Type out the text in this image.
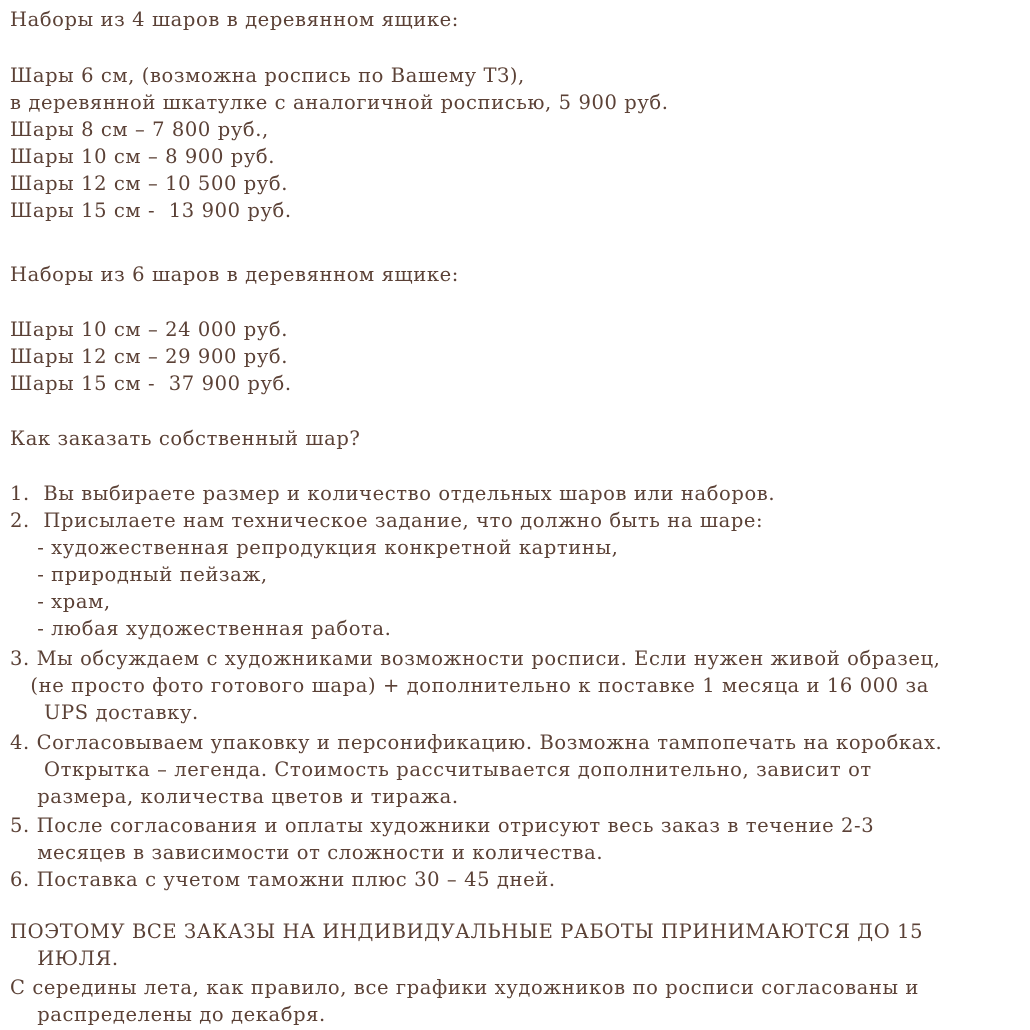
Наборы из 4 шаров в деревянном ящике:
Шары 6 см, (возможна роспись по Вашему ТЗ),
в деревянной шкатулке с аналогичной росписью, 5 900 руб.
Шары 8 см – 7 800 руб.,
Шары 10 см – 8 900 руб.
Шары 12 см – 10 500 руб.
Шары 15 см -  13 900 руб.
Наборы из 6 шаров в деревянном ящике:
Шары 10 см – 24 000 руб.
Шары 12 см – 29 900 руб.
Шары 15 см -  37 900 руб.
Как заказать собственный шар?
1.  Вы выбираете размер и количество отдельных шаров или наборов.
2.  Присылаете нам техническое задание, что должно быть на шаре:
- художественная репродукция конкретной картины,
- природный пейзаж,
- храм,
- любая художественная работа.
3. Мы обсуждаем с художниками возможности росписи. Если нужен живой образец,
(не просто фото готового шара) + дополнительно к поставке 1 месяца и 16 000 за
UPS доставку.
4. Согласовываем упаковку и персонификацию. Возможна тампопечать на коробках.
Открытка – легенда. Стоимость рассчитывается дополнительно, зависит от
размера, количества цветов и тиража.
5. После согласования и оплаты художники отрисуют весь заказ в течение 2-3
месяцев в зависимости от сложности и количества.
6. Поставка с учетом таможни плюс 30 – 45 дней.
ПОЭТОМУ ВСЕ ЗАКАЗЫ НА ИНДИВИДУАЛЬНЫЕ РАБОТЫ ПРИНИМАЮТСЯ ДО 15
ИЮЛЯ.
С середины лета, как правило, все графики художников по росписи согласованы и
распределены до декабря.
